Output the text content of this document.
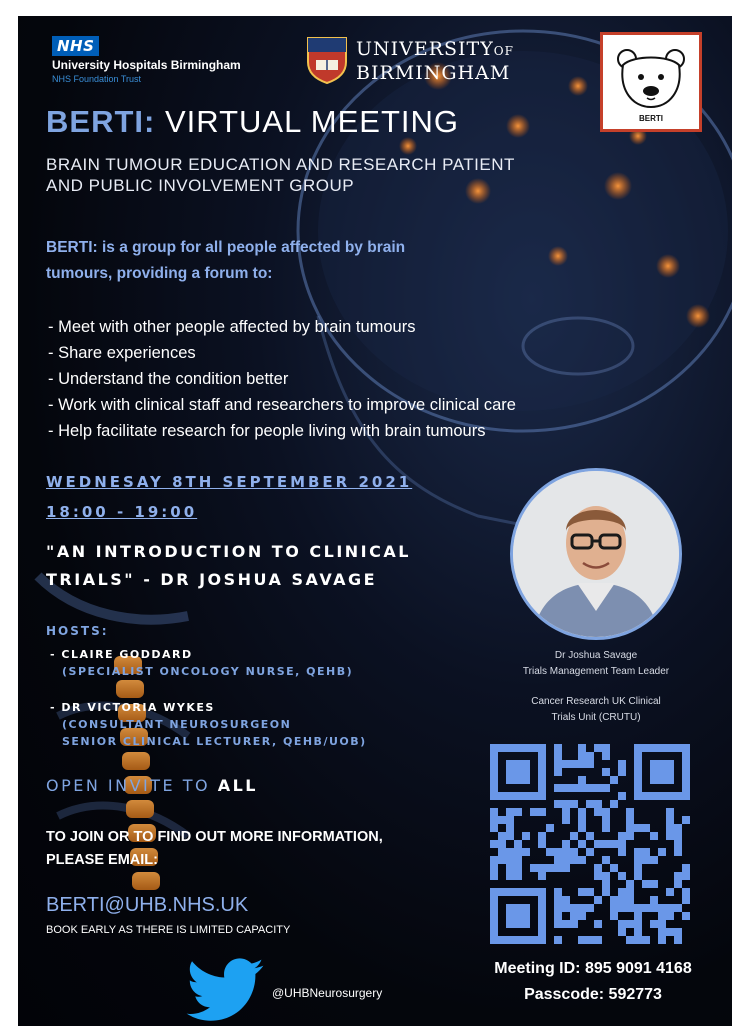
NHS
University Hospitals Birmingham
NHS Foundation Trust
UNIVERSITYOF
BIRMINGHAM
BERTI
BERTI: VIRTUAL MEETING
BRAIN TUMOUR EDUCATION AND RESEARCH PATIENT
AND PUBLIC INVOLVEMENT GROUP
BERTI: is a group for all people affected by brain tumours, providing a forum to:
- Meet with other people affected by brain tumours
- Share experiences
- Understand the condition better
- Work with clinical staff and researchers to improve clinical care
- Help facilitate research for people living with brain tumours
WEDNESAY 8TH SEPTEMBER 2021
18:00 - 19:00
"AN INTRODUCTION TO CLINICAL
TRIALS" - DR JOSHUA SAVAGE
HOSTS:
- CLAIRE GODDARD
(SPECIALIST ONCOLOGY NURSE, QEHB)
- DR VICTORIA WYKES
(CONSULTANT NEUROSURGEON
SENIOR CLINICAL LECTURER, QEHB/UOB)
OPEN INVITE TO ALL
TO JOIN OR TO FIND OUT MORE INFORMATION,
PLEASE EMAIL:
BERTI@UHB.NHS.UK
BOOK EARLY AS THERE IS LIMITED CAPACITY
@UHBNeurosurgery
Dr Joshua Savage
Trials Management Team Leader
Cancer Research UK Clinical
Trials Unit (CRUTU)
Meeting ID: 895 9091 4168
Passcode: 592773
